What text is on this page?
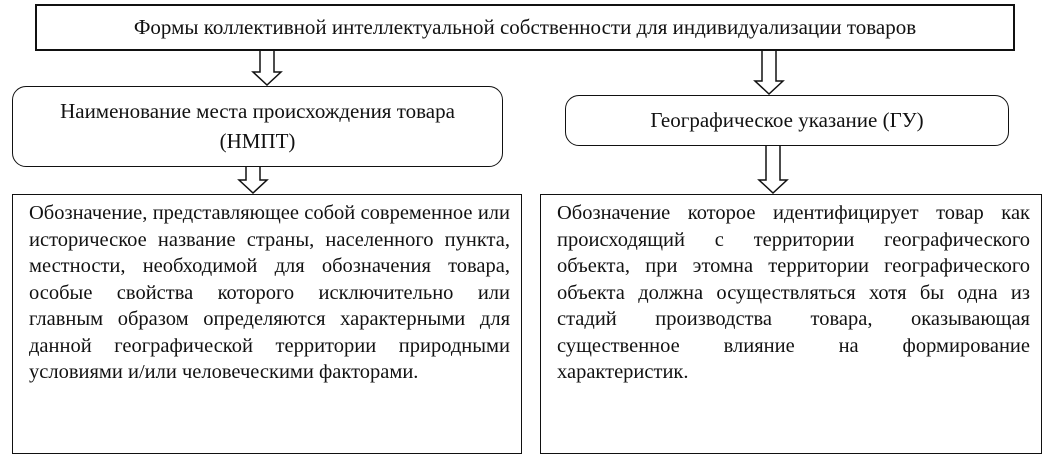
Формы коллективной интеллектуальной собственности для индивидуализации товаров
Наименование места происхождения товара (НМПТ)
Географическое указание (ГУ)
Обозначение, представляющее собой современное или историческое название страны, населенного пункта, местности, необходимой для обозначения товара, особые свойства которого исключительно или главным образом определяются характерными для данной географической территории природными условиями и/или человеческими факторами.
Обозначение которое идентифицирует товар как происходящий с территории географического объекта, при этомна территории географического объекта должна осуществляться хотя бы одна из стадий производства товара, оказывающая существенное влияние на формирование характеристик.
